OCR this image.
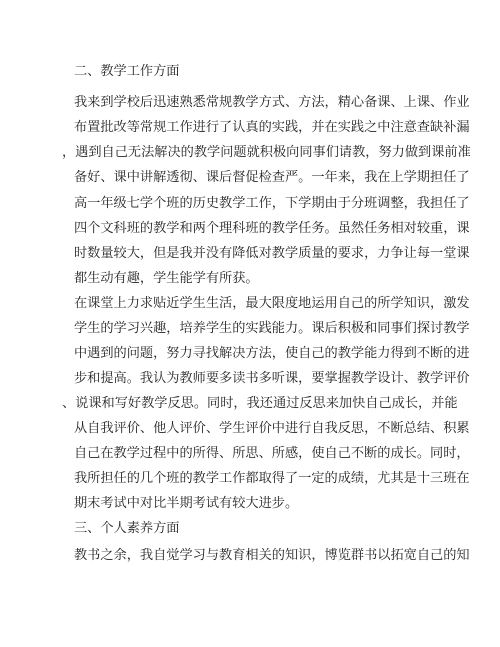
二、教学工作方面
我来到学校后迅速熟悉常规教学方式、方法，精心备课、上课、作业
布置批改等常规工作进行了认真的实践，并在实践之中注意查缺补漏
，遇到自己无法解决的教学问题就积极向同事们请教，努力做到课前准
备好、课中讲解透彻、课后督促检查严。一年来，我在上学期担任了
高一年级七学个班的历史教学工作，下学期由于分班调整，我担任了
四个文科班的教学和两个理科班的教学任务。虽然任务相对较重，课
时数量较大，但是我并没有降低对教学质量的要求，力争让每一堂课
都生动有趣，学生能学有所获。
在课堂上力求贴近学生生活，最大限度地运用自己的所学知识，激发
学生的学习兴趣，培养学生的实践能力。课后积极和同事们探讨教学
中遇到的问题，努力寻找解决方法，使自己的教学能力得到不断的进
步和提高。我认为教师要多读书多听课，要掌握教学设计、教学评价
、说课和写好教学反思。同时，我还通过反思来加快自己成长，并能
从自我评价、他人评价、学生评价中进行自我反思，不断总结、积累
自己在教学过程中的所得、所思、所感，使自己不断的成长。同时，
我所担任的几个班的教学工作都取得了一定的成绩，尤其是十三班在
期末考试中对比半期考试有较大进步。
三、个人素养方面
教书之余，我自觉学习与教育相关的知识，博览群书以拓宽自己的知
